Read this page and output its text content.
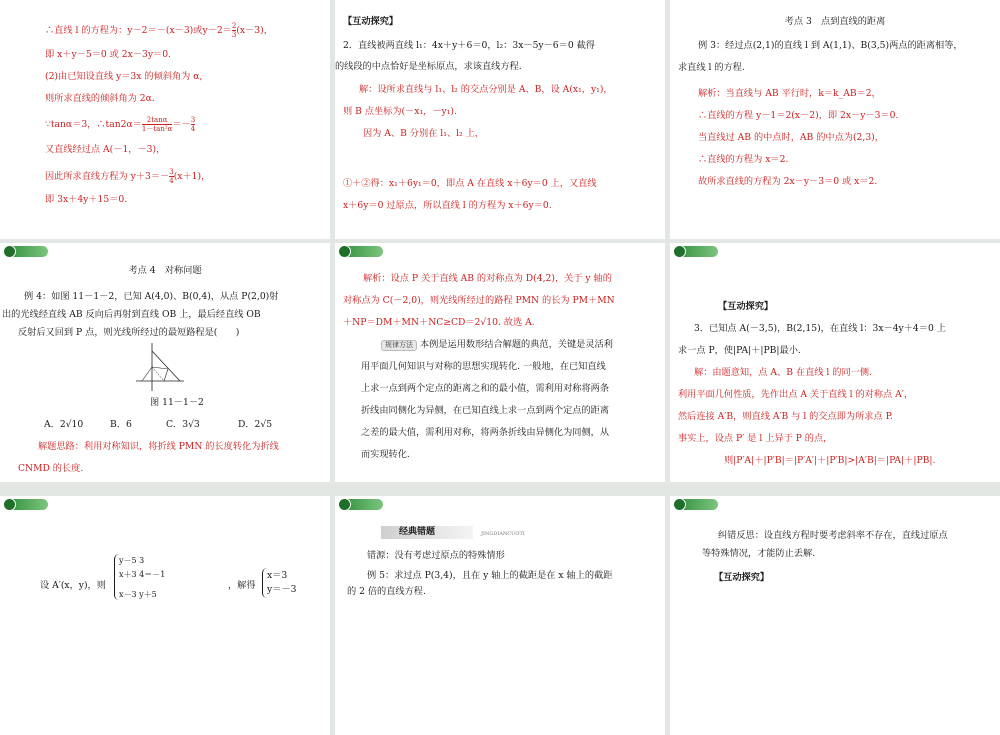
∴直线 l 的方程为：y－2＝－(x－3)或$y-2= \frac{2}{3} (x-3)$，
即 x＋y－5＝0 或 2x－3y＝0.
(2)由已知设直线 y＝3x 的倾斜角为 α,
则所求直线的倾斜角为 2α.
∵tanα＝3，∴tan2α＝ $\frac{2\tan\alpha}{\text{1－tan²α}} =- \frac{3}{4}$
又直线经过点 A(－1，－3)，
因此所求直线方程为 $y+3=- \frac{3}{4} (x+1)$，
即 3x＋4y＋15＝0.
【互动探究】
2．直线被两直线 l₁：4x＋y＋6＝0，l₂：3x－5y－6＝0 截得
的线段的中点恰好是坐标原点，求该直线方程.
解：设所求直线与 l₁、l₂ 的交点分别是 A、B，设 A(x₁，y₁)，
则 B 点坐标为(－x₁，－y₁).
因为 A、B 分别在 l₁、l₂ 上，
①＋②得：x₁＋6y₁＝0，即点 A 在直线 x＋6y＝0 上，又直线
x＋6y＝0 过原点，所以直线 l 的方程为 x＋6y＝0.
考点 3　点到直线的距离
例 3：经过点(2,1)的直线 l 到 A(1,1)、B(3,5)两点的距离相等，
求直线 l 的方程.
解析：当直线与 AB 平行时，k＝k_AB＝2，
∴直线的方程 y－1＝2(x－2)，即 2x－y－3＝0.
当直线过 AB 的中点时，AB 的中点为(2,3)，
∴直线的方程为 x＝2.
故所求直线的方程为 2x－y－3＝0 或 x＝2.
考点 4　对称问题
例 4：如图 11－1－2，已知 A(4,0)、B(0,4)，从点 P(2,0)射
出的光线经直线 AB 反向后再射到直线 OB 上，最后经直线 OB
反射后又回到 P 点，则光线所经过的最短路程是(　　)
图 11－1－2
A．2√10	B．6	C．3√3	D．2√5
解题思路：利用对称知识，将折线 PMN 的长度转化为折线
CNMD 的长度.
解析：设点 P 关于直线 AB 的对称点为 D(4,2)，关于 y 轴的
对称点为 C(－2,0)，则光线所经过的路程 PMN 的长为 PM＋MN
＋NP＝DM＋MN＋NC≥CD＝2√10. 故选 A.
规律方法 本例是运用数形结合解题的典范，关键是灵活利
用平面几何知识与对称的思想实现转化. 一般地，在已知直线
上求一点到两个定点的距离之和的最小值，需利用对称将两条
折线由同侧化为异侧，在已知直线上求一点到两个定点的距离
之差的最大值，需利用对称，将两条折线由异侧化为同侧，从
而实现转化.
【互动探究】
3．已知点 A(－3,5)，B(2,15)，在直线 l：3x－4y＋4＝0 上
求一点 P，使|PA|＋|PB|最小.
解：由题意知，点 A、B 在直线 l 的同一侧.
利用平面几何性质，先作出点 A 关于直线 l 的对称点 A′，
然后连接 A′B，则直线 A′B 与 l 的交点即为所求点 P.
事实上，设点 P′ 是 l 上异于 P 的点，
则|P′A|＋|P′B|＝|P′A′|＋|P′B|>|A′B|＝|PA|＋|PB|.
设 A′(x，y)，则
y－5 3
x＋3 4＝－1
x－3 y＋5
，解得
x＝3
y＝－3
经典错题	JINGDIANCUOTI
错源：没有考虑过原点的特殊情形
例 5：求过点 P(3,4)，且在 y 轴上的截距是在 x 轴上的截距
的 2 倍的直线方程.
纠错反思：设直线方程时要考虑斜率不存在，直线过原点
等特殊情况，才能防止丢解.
【互动探究】
